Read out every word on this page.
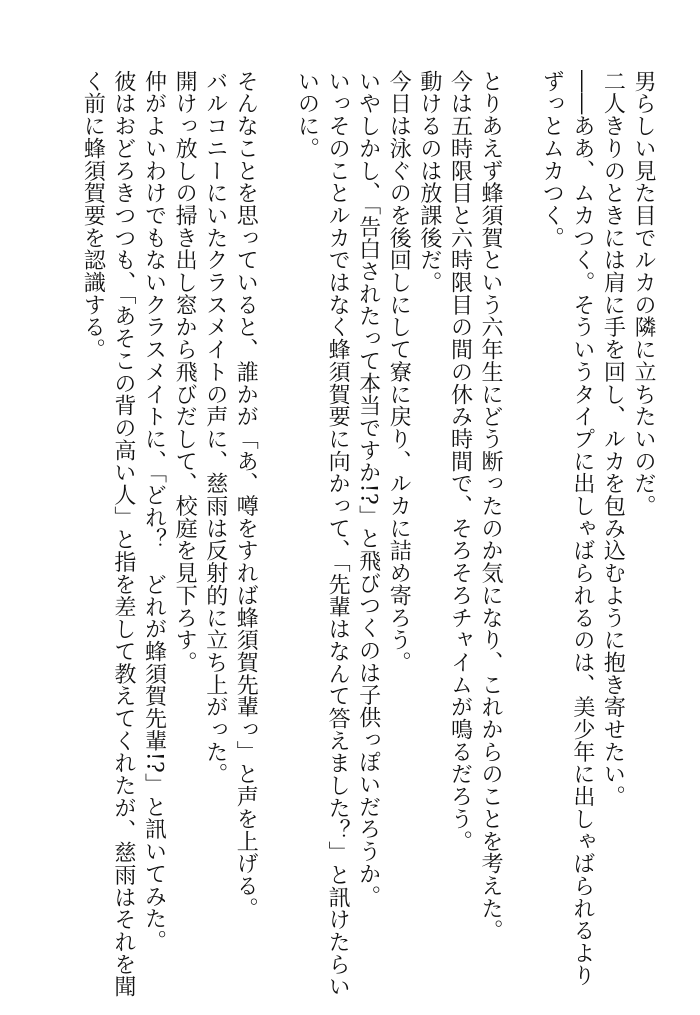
男らしい見た目でルカの隣に立ちたいのだ。

二人きりのときには肩に手を回し、ルカを包み込むように抱き寄せたい。

――ああ、ムカつく。そういうタイプに出しゃばられるのは、美少年に出しゃばられるより

ずっとムカつく。

とりあえず蜂須賀という六年生にどう断ったのか気になり、これからのことを考えた。

今は五時限目と六時限目の間の休み時間で、そろそろチャイムが鳴るだろう。

動けるのは放課後だ。

今日は泳ぐのを後回しにして寮に戻り、ルカに詰め寄ろう。

いやしかし、「告白されたって本当ですか!?」と飛びつくのは子供っぽいだろうか。

いっそのことルカではなく蜂須賀要に向かって、「先輩はなんて答えました？」と訊けたらい

いのに。

そんなことを思っていると、誰かが「あ、噂をすれば蜂須賀先輩っ」と声を上げる。

バルコニーにいたクラスメイトの声に、慈雨は反射的に立ち上がった。

開けっ放しの掃き出し窓から飛びだして、校庭を見下ろす。

仲がよいわけでもないクラスメイトに、「どれ？　どれが蜂須賀先輩!?」と訊いてみた。

彼はおどろきつつも、「あそこの背の高い人」と指を差して教えてくれたが、慈雨はそれを聞

く前に蜂須賀要を認識する。
